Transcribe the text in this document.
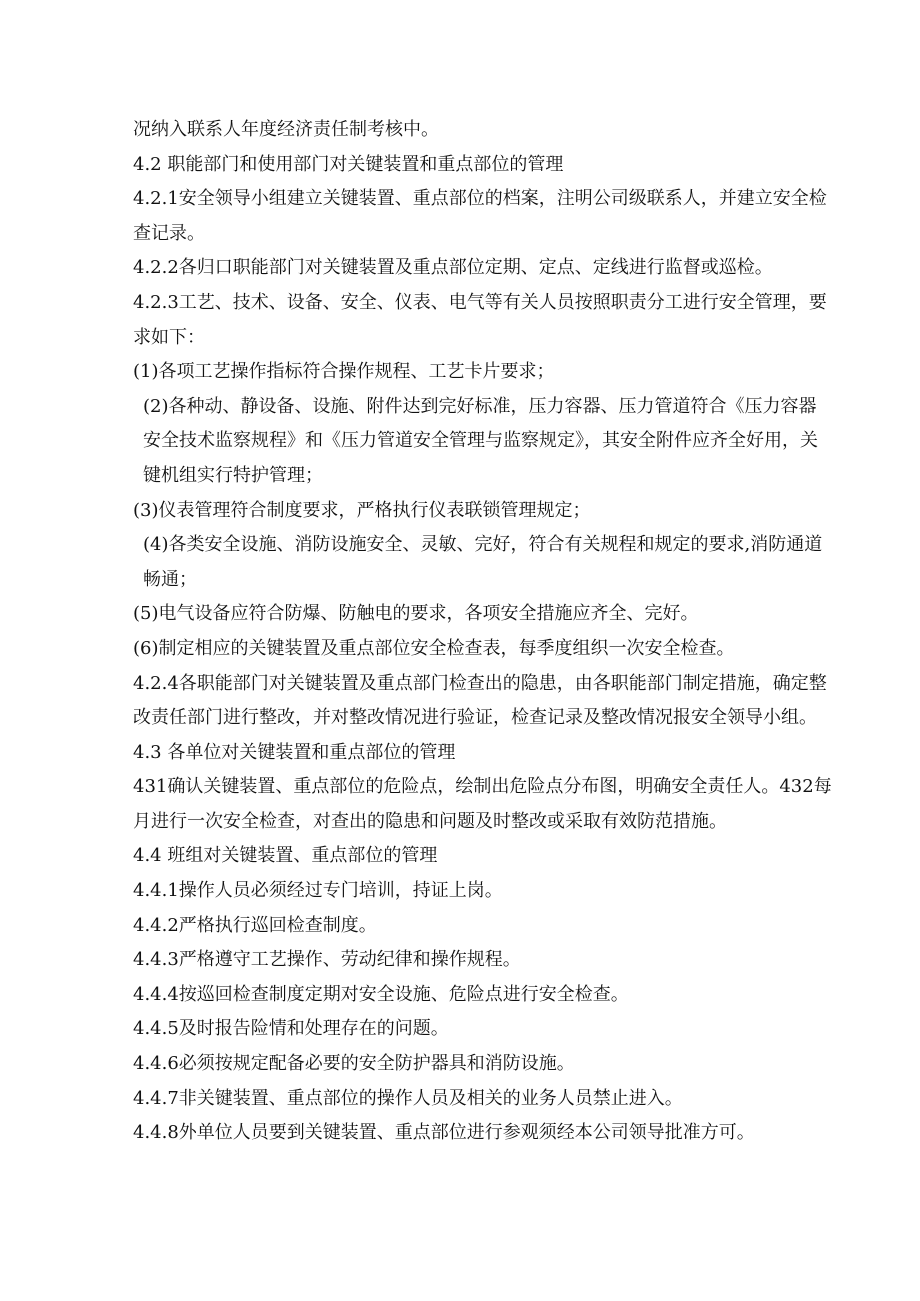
况纳入联系人年度经济责任制考核中。

4.2 职能部门和使用部门对关键装置和重点部位的管理

4.2.1安全领导小组建立关键装置、重点部位的档案，注明公司级联系人，并建立安全检查记录。

4.2.2各归口职能部门对关键装置及重点部位定期、定点、定线进行监督或巡检。

4.2.3工艺、技术、设备、安全、仪表、电气等有关人员按照职责分工进行安全管理，要求如下：

(1)各项工艺操作指标符合操作规程、工艺卡片要求；

(2)各种动、静设备、设施、附件达到完好标准，压力容器、压力管道符合《压力容器安全技术监察规程》和《压力管道安全管理与监察规定》，其安全附件应齐全好用，关键机组实行特护管理；

(3)仪表管理符合制度要求，严格执行仪表联锁管理规定；

(4)各类安全设施、消防设施安全、灵敏、完好，符合有关规程和规定的要求,消防通道畅通；

(5)电气设备应符合防爆、防触电的要求，各项安全措施应齐全、完好。

(6)制定相应的关键装置及重点部位安全检查表，每季度组织一次安全检查。

4.2.4各职能部门对关键装置及重点部门检查出的隐患，由各职能部门制定措施，确定整改责任部门进行整改，并对整改情况进行验证，检查记录及整改情况报安全领导小组。

4.3 各单位对关键装置和重点部位的管理

431确认关键装置、重点部位的危险点，绘制出危险点分布图，明确安全责任人。432每月进行一次安全检查，对查出的隐患和问题及时整改或采取有效防范措施。

4.4 班组对关键装置、重点部位的管理

4.4.1操作人员必须经过专门培训，持证上岗。

4.4.2严格执行巡回检查制度。

4.4.3严格遵守工艺操作、劳动纪律和操作规程。

4.4.4按巡回检查制度定期对安全设施、危险点进行安全检查。

4.4.5及时报告险情和处理存在的问题。

4.4.6必须按规定配备必要的安全防护器具和消防设施。

4.4.7非关键装置、重点部位的操作人员及相关的业务人员禁止进入。

4.4.8外单位人员要到关键装置、重点部位进行参观须经本公司领导批准方可。
